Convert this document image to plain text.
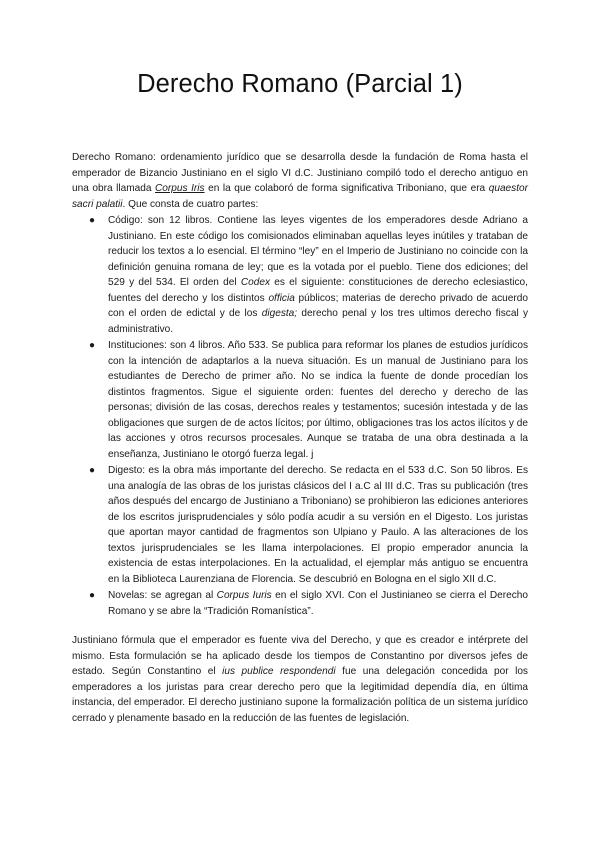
Derecho Romano (Parcial 1)

Derecho Romano: ordenamiento jurídico que se desarrolla desde la fundación de Roma hasta el emperador de Bizancio Justiniano en el siglo VI d.C. Justiniano compiló todo el derecho antiguo en una obra llamada Corpus Iris en la que colaboró de forma significativa Triboniano, que era quaestor sacri palatii. Que consta de cuatro partes:

● Código: son 12 libros. Contiene las leyes vigentes de los emperadores desde Adriano a Justiniano. En este código los comisionados eliminaban aquellas leyes inútiles y trataban de reducir los textos a lo esencial. El término “ley” en el Imperio de Justiniano no coincide con la definición genuina romana de ley; que es la votada por el pueblo. Tiene dos ediciones; del 529 y del 534. El orden del Codex es el siguiente: constituciones de derecho eclesiastico, fuentes del derecho y los distintos officia públicos; materias de derecho privado de acuerdo con el orden de edictal y de los digesta; derecho penal y los tres ultimos derecho fiscal y administrativo.
● Instituciones: son 4 libros. Año 533. Se publica para reformar los planes de estudios jurídicos con la intención de adaptarlos a la nueva situación. Es un manual de Justiniano para los estudiantes de Derecho de primer año. No se indica la fuente de donde procedían los distintos fragmentos. Sigue el siguiente orden: fuentes del derecho y derecho de las personas; división de las cosas, derechos reales y testamentos; sucesión intestada y de las obligaciones que surgen de de actos lícitos; por último, obligaciones tras los actos ilícitos y de las acciones y otros recursos procesales. Aunque se trataba de una obra destinada a la enseñanza, Justiniano le otorgó fuerza legal. j
● Digesto: es la obra más importante del derecho. Se redacta en el 533 d.C. Son 50 libros. Es una analogía de las obras de los juristas clásicos del I a.C al III d.C. Tras su publicación (tres años después del encargo de Justiniano a Triboniano) se prohibieron las ediciones anteriores de los escritos jurisprudenciales y sólo podía acudir a su versión en el Digesto. Los juristas que aportan mayor cantidad de fragmentos son Ulpiano y Paulo. A las alteraciones de los textos jurisprudenciales se les llama interpolaciones. El propio emperador anuncia la existencia de estas interpolaciones. En la actualidad, el ejemplar más antiguo se encuentra en la Biblioteca Laurenziana de Florencia. Se descubrió en Bologna en el siglo XII d.C.
● Novelas: se agregan al Corpus Iuris en el siglo XVI. Con el Justinianeo se cierra el Derecho Romano y se abre la “Tradición Romanística”.

Justiniano fórmula que el emperador es fuente viva del Derecho, y que es creador e intérprete del mismo. Esta formulación se ha aplicado desde los tiempos de Constantino por diversos jefes de estado. Según Constantino el ius publice respondendi fue una delegación concedida por los emperadores a los juristas para crear derecho pero que la legitimidad dependía día, en última instancia, del emperador. El derecho justiniano supone la formalización política de un sistema jurídico cerrado y plenamente basado en la reducción de las fuentes de legislación.
